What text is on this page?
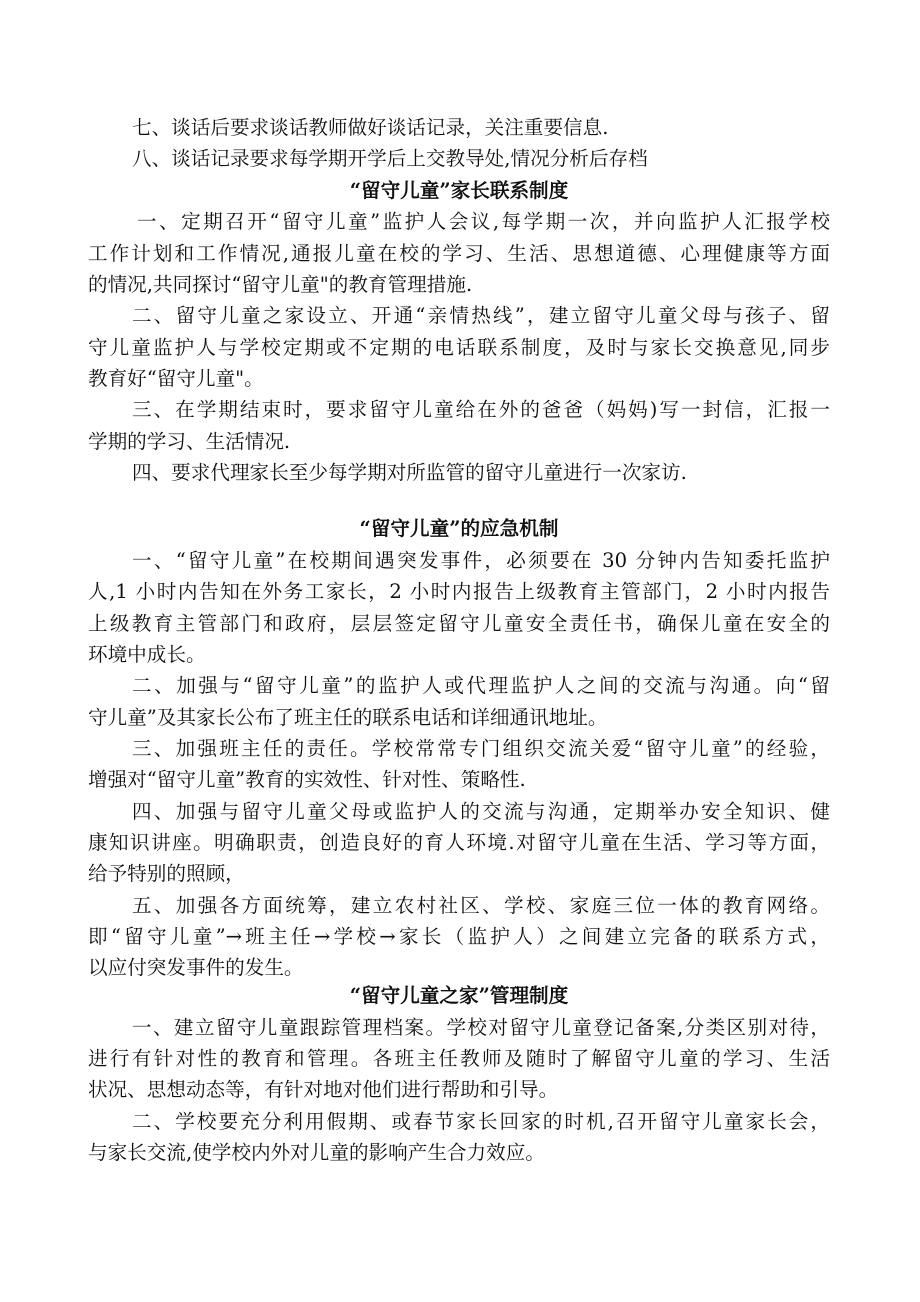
七、谈话后要求谈话教师做好谈话记录，关注重要信息.
八、谈话记录要求每学期开学后上交教导处,情况分析后存档
“留守儿童”家长联系制度
一、定期召开“留守儿童”监护人会议,每学期一次，并向监护人汇报学校
工作计划和工作情况,通报儿童在校的学习、生活、思想道德、心理健康等方面
的情况,共同探讨“留守儿童"的教育管理措施.
二、留守儿童之家设立、开通“亲情热线”，建立留守儿童父母与孩子、留
守儿童监护人与学校定期或不定期的电话联系制度，及时与家长交换意见,同步
教育好“留守儿童"。
三、在学期结束时，要求留守儿童给在外的爸爸（妈妈)写一封信，汇报一
学期的学习、生活情况.
四、要求代理家长至少每学期对所监管的留守儿童进行一次家访.
“留守儿童”的应急机制
一、“留守儿童”在校期间遇突发事件，必须要在 30 分钟内告知委托监护
人,1 小时内告知在外务工家长，2 小时内报告上级教育主管部门，2 小时内报告
上级教育主管部门和政府，层层签定留守儿童安全责任书，确保儿童在安全的
环境中成长。
二、加强与“留守儿童”的监护人或代理监护人之间的交流与沟通。向“留
守儿童”及其家长公布了班主任的联系电话和详细通讯地址。
三、加强班主任的责任。学校常常专门组织交流关爱“留守儿童”的经验，
增强对“留守儿童”教育的实效性、针对性、策略性.
四、加强与留守儿童父母或监护人的交流与沟通，定期举办安全知识、健
康知识讲座。明确职责，创造良好的育人环境.对留守儿童在生活、学习等方面，
给予特别的照顾，
五、加强各方面统筹，建立农村社区、学校、家庭三位一体的教育网络。
即“留守儿童”→班主任→学校→家长（监护人）之间建立完备的联系方式，
以应付突发事件的发生。
“留守儿童之家”管理制度
一、建立留守儿童跟踪管理档案。学校对留守儿童登记备案,分类区别对待，
进行有针对性的教育和管理。各班主任教师及随时了解留守儿童的学习、生活
状况、思想动态等，有针对地对他们进行帮助和引导。
二、学校要充分利用假期、或春节家长回家的时机,召开留守儿童家长会，
与家长交流,使学校内外对儿童的影响产生合力效应。
